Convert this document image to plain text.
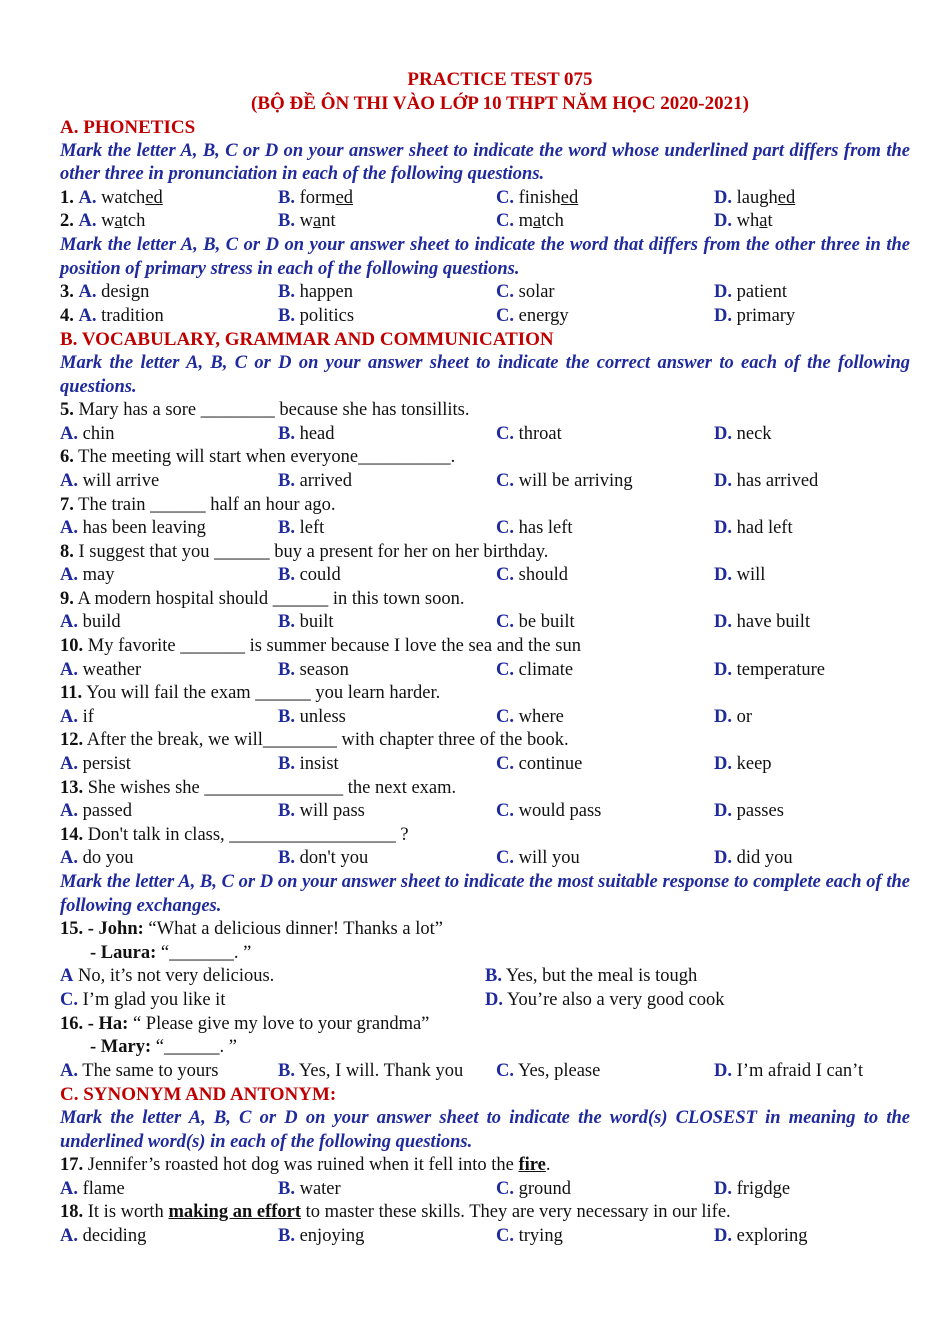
PRACTICE TEST 075
(BỘ ĐỀ ÔN THI VÀO LỚP 10 THPT NĂM HỌC 2020-2021)
A. PHONETICS
Mark the letter A, B, C or D on your answer sheet to indicate the word whose underlined part differs from the other three in pronunciation in each of the following questions.
1. A. watched	B. formed	C. finished	D. laughed
2. A. watch	B. want	C. match	D. what
Mark the letter A, B, C or D on your answer sheet to indicate the word that differs from the other three in the position of primary stress in each of the following questions.
3. A. design	B. happen	C. solar	D. patient
4. A. tradition	B. politics	C. energy	D. primary
B. VOCABULARY, GRAMMAR AND COMMUNICATION
Mark the letter A, B, C or D on your answer sheet to indicate the correct answer to each of the following questions.
5. Mary has a sore ________ because she has tonsillits.
A. chin	B. head	C. throat	D. neck
6. The meeting will start when everyone__________.
A. will arrive	B. arrived	C. will be arriving	D. has arrived
7. The train ______ half an hour ago.
A. has been leaving	B. left	C. has left	D. had left
8. I suggest that you ______ buy a present for her on her birthday.
A. may	B. could	C. should	D. will
9. A modern hospital should ______ in this town soon.
A. build	B. built	C. be built	D. have built
10. My favorite _______ is summer because I love the sea and the sun
A. weather	B. season	C. climate	D. temperature
11. You will fail the exam ______ you learn harder.
A. if	B. unless	C. where	D. or
12. After the break, we will________ with chapter three of the book.
A. persist	B. insist	C. continue	D. keep
13. She wishes she _______________ the next exam.
A. passed	B. will pass	C. would pass	D. passes
14. Don't talk in class, __________________ ?
A. do you	B. don't you	C. will you	D. did you
Mark the letter A, B, C or D on your answer sheet to indicate the most suitable response to complete each of the following exchanges.
15. - John: “What a delicious dinner! Thanks a lot”
- Laura: “_______. ”
A No, it’s not very delicious.	B. Yes, but the meal is tough
C. I’m glad you like it	D. You’re also a very good cook
16. - Ha: “ Please give my love to your grandma”
- Mary: “______. ”
A. The same to yours	B. Yes, I will. Thank you	C. Yes, please	D. I’m afraid I can’t
C. SYNONYM AND ANTONYM:
Mark the letter A, B, C or D on your answer sheet to indicate the word(s) CLOSEST in meaning to the underlined word(s) in each of the following questions.
17. Jennifer’s roasted hot dog was ruined when it fell into the fire.
A. flame	B. water	C. ground	D. frigdge
18. It is worth making an effort to master these skills. They are very necessary in our life.
A. deciding	B. enjoying	C. trying	D. exploring
